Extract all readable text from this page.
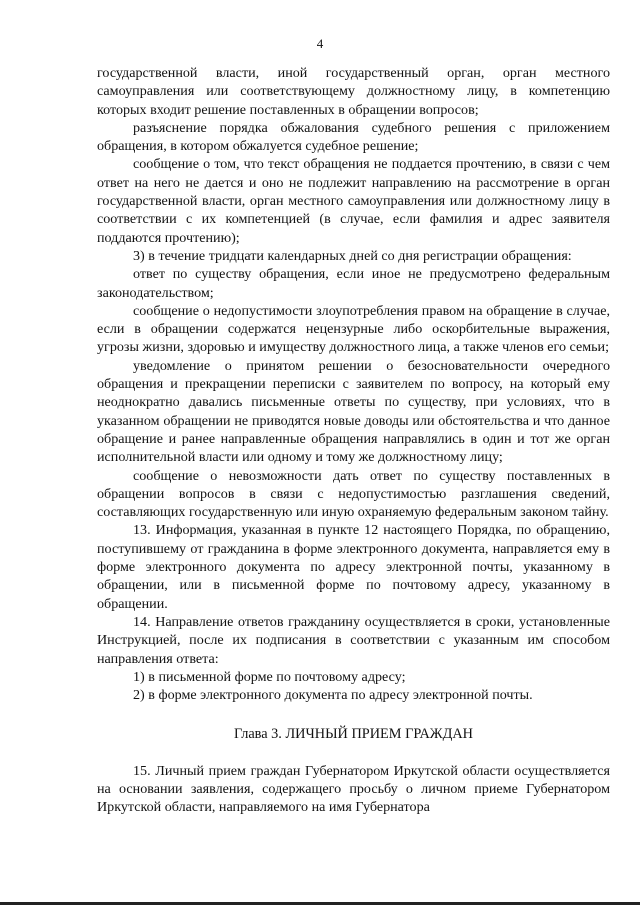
4

государственной власти, иной государственный орган, орган местного самоуправления или соответствующему должностному лицу, в компетенцию которых входит решение поставленных в обращении вопросов;

разъяснение порядка обжалования судебного решения с приложением обращения, в котором обжалуется судебное решение;

сообщение о том, что текст обращения не поддается прочтению, в связи с чем ответ на него не дается и оно не подлежит направлению на рассмотрение в орган государственной власти, орган местного самоуправления или должностному лицу в соответствии с их компетенцией (в случае, если фамилия и адрес заявителя поддаются прочтению);

3) в течение тридцати календарных дней со дня регистрации обращения:

ответ по существу обращения, если иное не предусмотрено федеральным законодательством;

сообщение о недопустимости злоупотребления правом на обращение в случае, если в обращении содержатся нецензурные либо оскорбительные выражения, угрозы жизни, здоровью и имуществу должностного лица, а также членов его семьи;

уведомление о принятом решении о безосновательности очередного обращения и прекращении переписки с заявителем по вопросу, на который ему неоднократно давались письменные ответы по существу, при условиях, что в указанном обращении не приводятся новые доводы или обстоятельства и что данное обращение и ранее направленные обращения направлялись в один и тот же орган исполнительной власти или одному и тому же должностному лицу;

сообщение о невозможности дать ответ по существу поставленных в обращении вопросов в связи с недопустимостью разглашения сведений, составляющих государственную или иную охраняемую федеральным законом тайну.

13. Информация, указанная в пункте 12 настоящего Порядка, по обращению, поступившему от гражданина в форме электронного документа, направляется ему в форме электронного документа по адресу электронной почты, указанному в обращении, или в письменной форме по почтовому адресу, указанному в обращении.

14. Направление ответов гражданину осуществляется в сроки, установленные Инструкцией, после их подписания в соответствии с указанным им способом направления ответа:

1) в письменной форме по почтовому адресу;

2) в форме электронного документа по адресу электронной почты.

Глава 3. ЛИЧНЫЙ ПРИЕМ ГРАЖДАН

15. Личный прием граждан Губернатором Иркутской области осуществляется на основании заявления, содержащего просьбу о личном приеме Губернатором Иркутской области, направляемого на имя Губернатора
